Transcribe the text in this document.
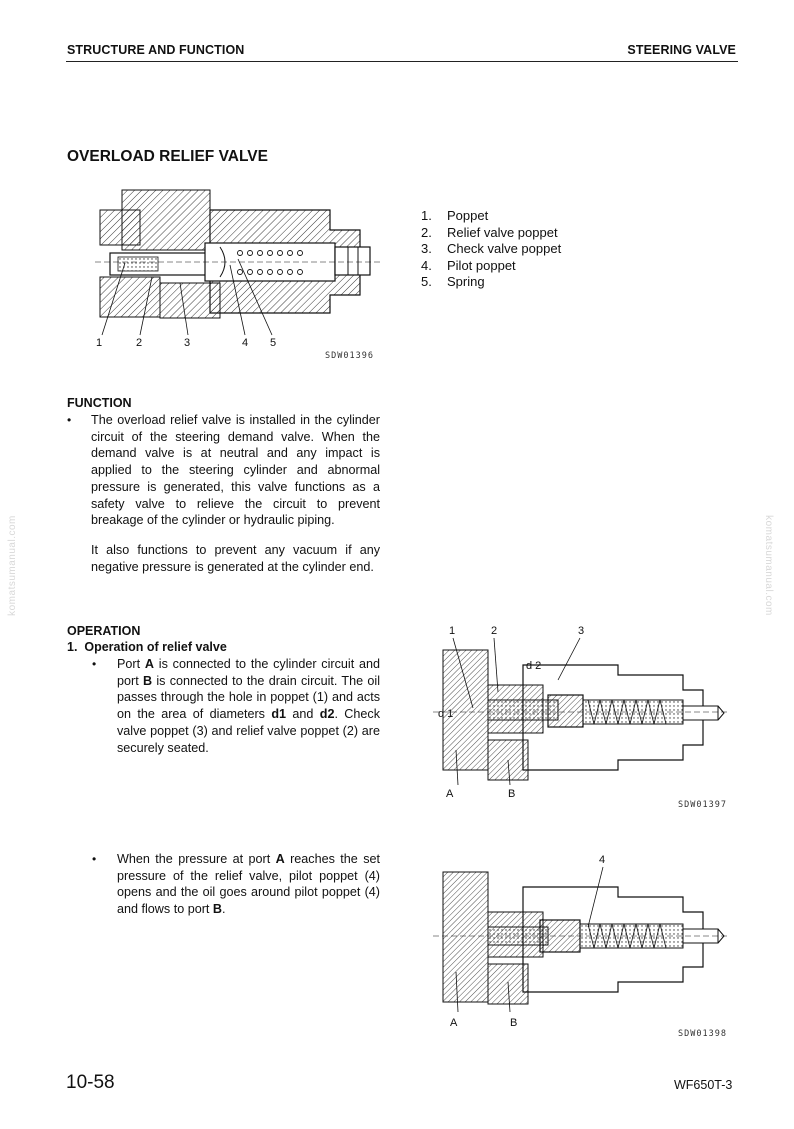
STRUCTURE AND FUNCTION	STEERING VALVE
OVERLOAD RELIEF VALVE
1	2	3	4 5
SDW01396
1.	Poppet
2.	Relief valve poppet
3.	Check valve poppet
4.	Pilot poppet
5.	Spring
FUNCTION
• The overload relief valve is installed in the cylinder circuit of the steering demand valve. When the demand valve is at neutral and any impact is applied to the steering cylinder and abnormal pressure is generated, this valve functions as a safety valve to relieve the circuit to prevent breakage of the cylinder or hydraulic piping.
It also functions to prevent any vacuum if any negative pressure is generated at the cylinder end.
OPERATION
1.  Operation of relief valve
• Port A is connected to the cylinder circuit and port B is connected to the drain circuit. The oil passes through the hole in poppet (1) and acts on the area of diameters d1 and d2. Check valve poppet (3) and relief valve poppet (2) are securely seated.
• When the pressure at port A reaches the set pressure of the relief valve, pilot poppet (4) opens and the oil goes around pilot poppet (4) and flows to port B.
1	2	3
d 2
d 1
A	B
SDW01397
4
A	B
SDW01398
komatsumanual.com	komatsumanual.com
10-58	WF650T-3
